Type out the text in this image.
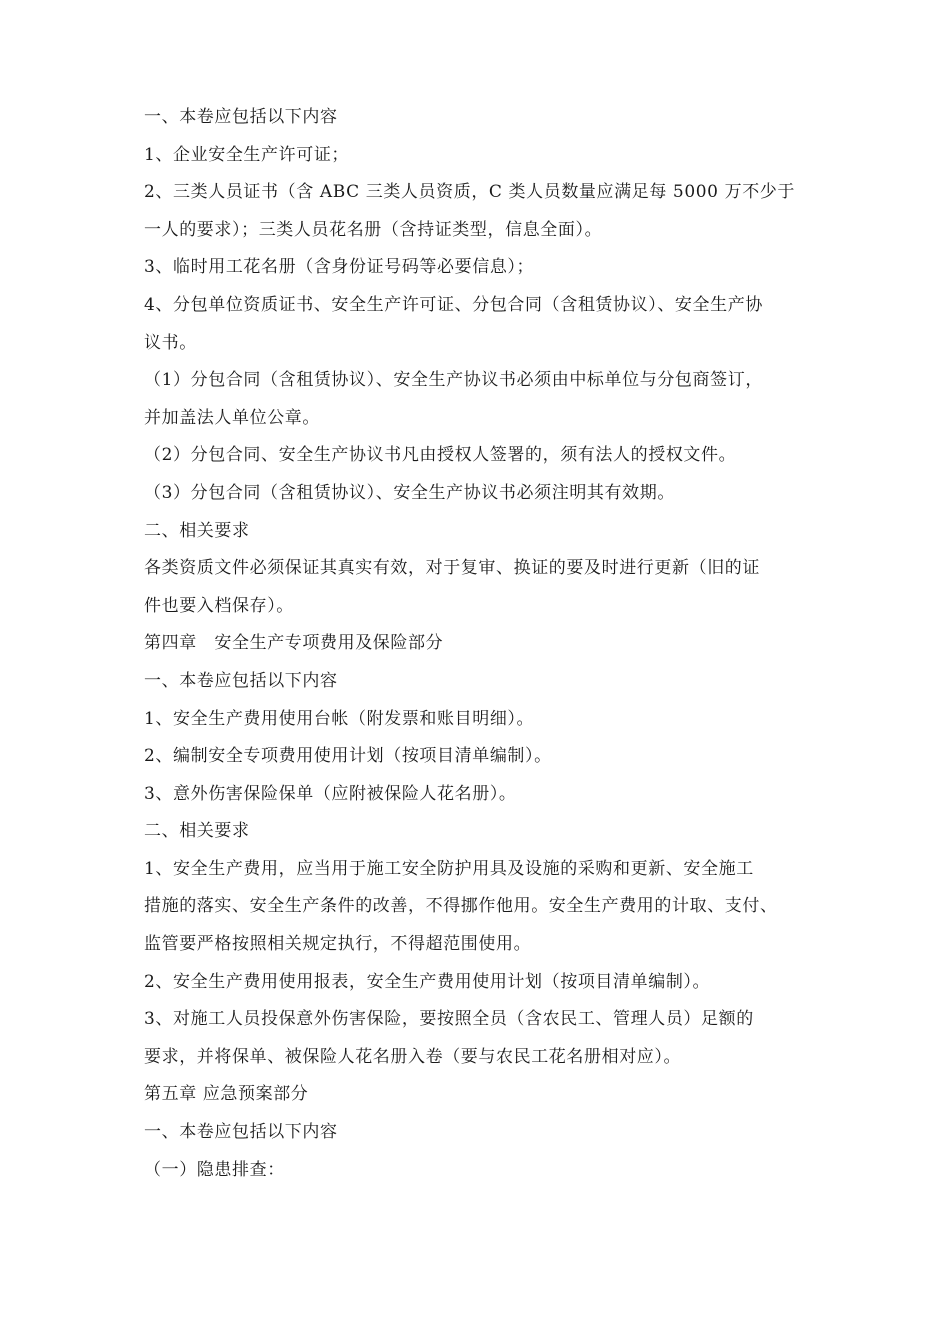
一、本卷应包括以下内容
1、企业安全生产许可证；
2、三类人员证书（含 ABC 三类人员资质，C 类人员数量应满足每 5000 万不少于
一人的要求）；三类人员花名册（含持证类型，信息全面）。
3、临时用工花名册（含身份证号码等必要信息）；
4、分包单位资质证书、安全生产许可证、分包合同（含租赁协议）、安全生产协
议书。
（1）分包合同（含租赁协议）、安全生产协议书必须由中标单位与分包商签订，
并加盖法人单位公章。
（2）分包合同、安全生产协议书凡由授权人签署的，须有法人的授权文件。
（3）分包合同（含租赁协议）、安全生产协议书必须注明其有效期。
二、相关要求
各类资质文件必须保证其真实有效，对于复审、换证的要及时进行更新（旧的证
件也要入档保存）。
第四章　安全生产专项费用及保险部分
一、本卷应包括以下内容
1、安全生产费用使用台帐（附发票和账目明细）。
2、编制安全专项费用使用计划（按项目清单编制）。
3、意外伤害保险保单（应附被保险人花名册）。
二、相关要求
1、安全生产费用，应当用于施工安全防护用具及设施的采购和更新、安全施工
措施的落实、安全生产条件的改善，不得挪作他用。安全生产费用的计取、支付、
监管要严格按照相关规定执行，不得超范围使用。
2、安全生产费用使用报表，安全生产费用使用计划（按项目清单编制）。
3、对施工人员投保意外伤害保险，要按照全员（含农民工、管理人员）足额的
要求，并将保单、被保险人花名册入卷（要与农民工花名册相对应）。
第五章 应急预案部分
一、本卷应包括以下内容
（一）隐患排查：
